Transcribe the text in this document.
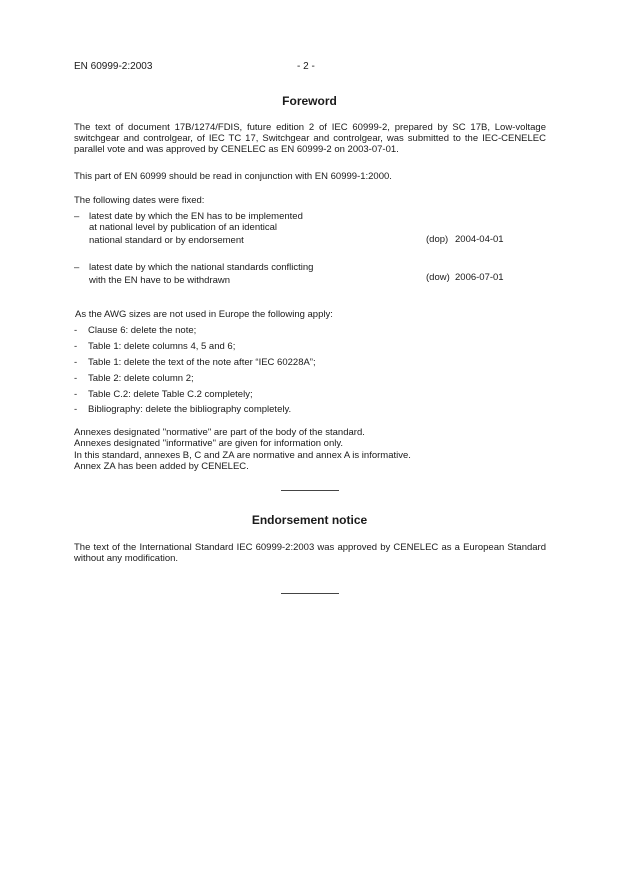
EN 60999-2:2003	- 2 -
Foreword

The text of document 17B/1274/FDIS, future edition 2 of IEC 60999-2, prepared by SC 17B, Low-voltage switchgear and controlgear, of IEC TC 17, Switchgear and controlgear, was submitted to the IEC-CENELEC parallel vote and was approved by CENELEC as EN 60999-2 on 2003-07-01.

This part of EN 60999 should be read in conjunction with EN 60999-1:2000.

The following dates were fixed:

– latest date by which the EN has to be implemented
at national level by publication of an identical
national standard or by endorsement	(dop) 2004-04-01
– latest date by which the national standards conflicting
with the EN have to be withdrawn	(dow) 2006-07-01

As the AWG sizes are not used in Europe the following apply:

- Clause 6: delete the note;
- Table 1: delete columns 4, 5 and 6;
- Table 1: delete the text of the note after “IEC 60228A”;
- Table 2: delete column 2;
- Table C.2: delete Table C.2 completely;
- Bibliography: delete the bibliography completely.

Annexes designated "normative" are part of the body of the standard.

Annexes designated "informative" are given for information only.

In this standard, annexes B, C and ZA are normative and annex A is informative.

Annex ZA has been added by CENELEC.

Endorsement notice

The text of the International Standard IEC 60999-2:2003 was approved by CENELEC as a European Standard without any modification.
